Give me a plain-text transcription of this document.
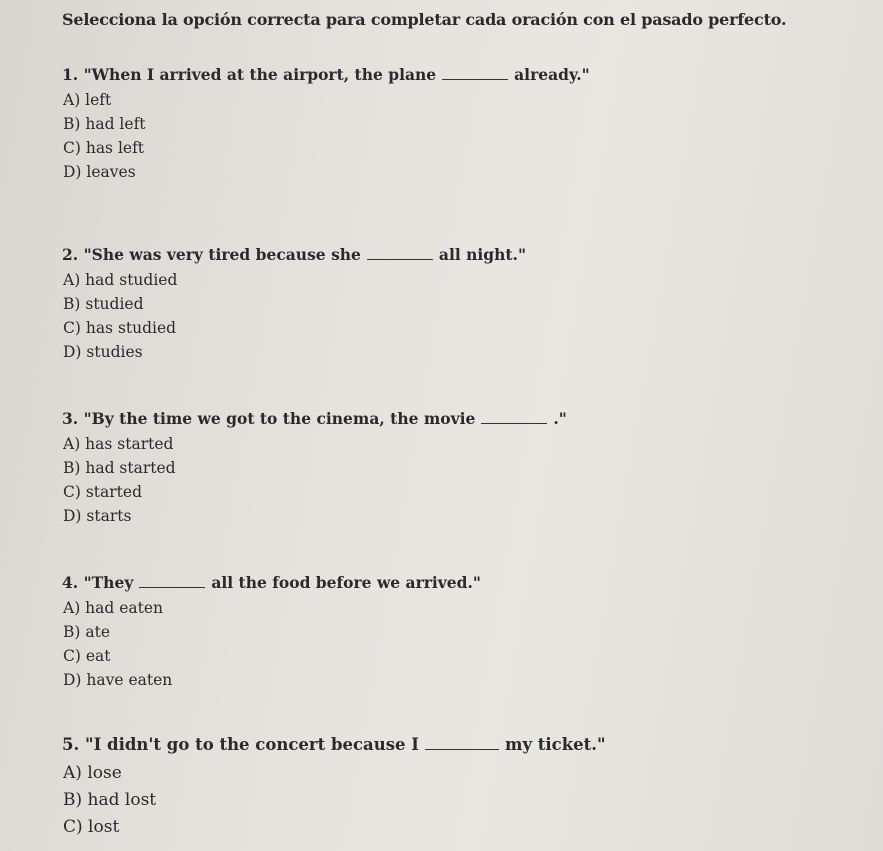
Selecciona la opción correcta para completar cada oración con el pasado perfecto.
1. "When I arrived at the airport, the plane	already."
A) left
B) had left
C) has left
D) leaves
2. "She was very tired because she	all night."
A) had studied
B) studied
C) has studied
D) studies
3. "By the time we got to the cinema, the movie	."
A) has started
B) had started
C) started
D) starts
4. "They	all the food before we arrived."
A) had eaten
B) ate
C) eat
D) have eaten
5. "I didn't go to the concert because I	my ticket."
A) lose
B) had lost
C) lost
